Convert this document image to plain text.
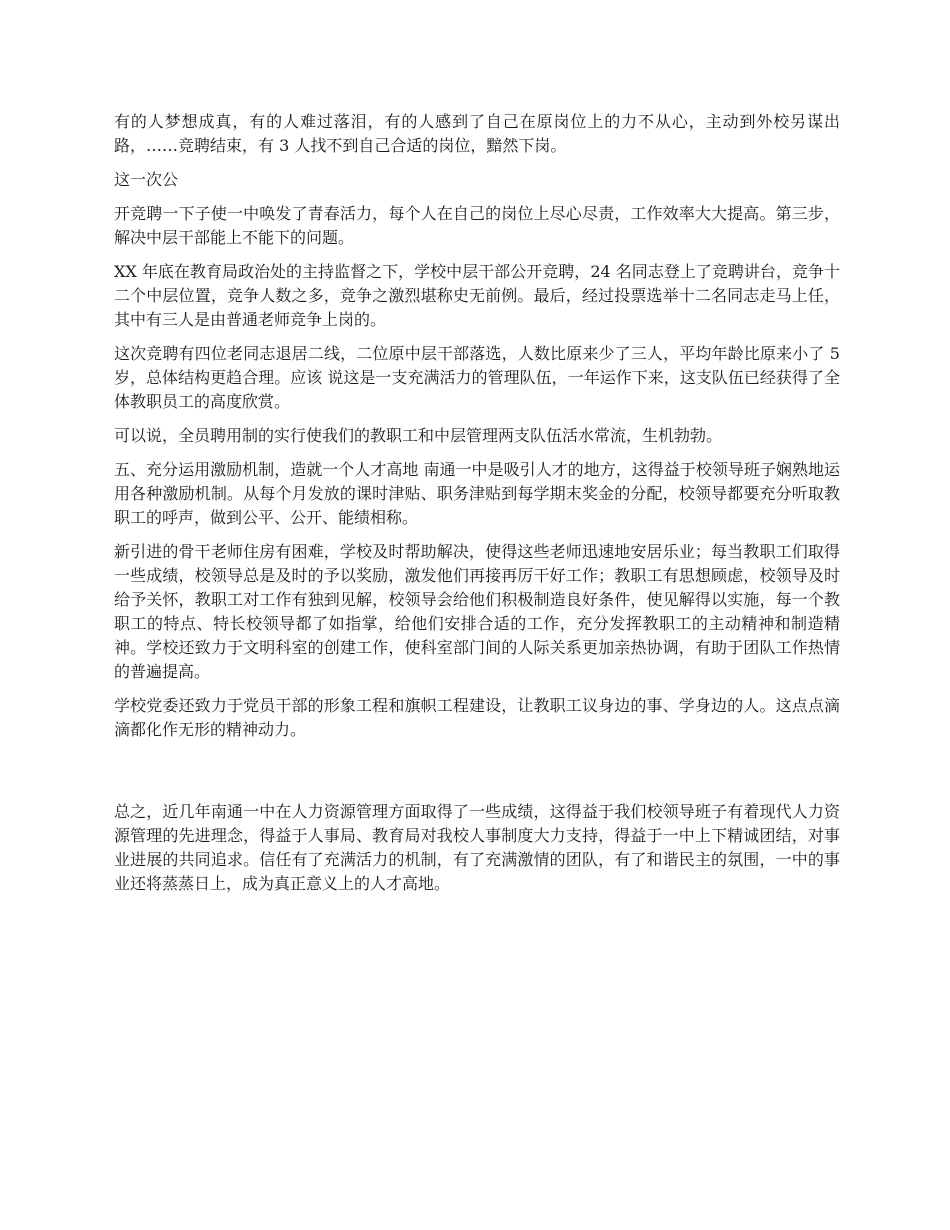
有的人梦想成真，有的人难过落泪，有的人感到了自己在原岗位上的力不从心，主动到外校另谋出路，……竞聘结束，有 3 人找不到自己合适的岗位，黯然下岗。

这一次公

开竞聘一下子使一中唤发了青春活力，每个人在自己的岗位上尽心尽责，工作效率大大提高。第三步，解决中层干部能上不能下的问题。

XX 年底在教育局政治处的主持监督之下，学校中层干部公开竞聘，24 名同志登上了竞聘讲台，竞争十二个中层位置，竞争人数之多，竞争之激烈堪称史无前例。最后，经过投票选举十二名同志走马上任，其中有三人是由普通老师竞争上岗的。

这次竞聘有四位老同志退居二线，二位原中层干部落选，人数比原来少了三人，平均年龄比原来小了 5 岁，总体结构更趋合理。应该 说这是一支充满活力的管理队伍，一年运作下来，这支队伍已经获得了全体教职员工的高度欣赏。

可以说，全员聘用制的实行使我们的教职工和中层管理两支队伍活水常流，生机勃勃。

五、充分运用激励机制，造就一个人才高地 南通一中是吸引人才的地方，这得益于校领导班子娴熟地运用各种激励机制。从每个月发放的课时津贴、职务津贴到每学期末奖金的分配，校领导都要充分听取教职工的呼声，做到公平、公开、能绩相称。

新引进的骨干老师住房有困难，学校及时帮助解决，使得这些老师迅速地安居乐业；每当教职工们取得一些成绩，校领导总是及时的予以奖励，激发他们再接再厉干好工作；教职工有思想顾虑，校领导及时给予关怀，教职工对工作有独到见解，校领导会给他们积极制造良好条件，使见解得以实施，每一个教职工的特点、特长校领导都了如指掌，给他们安排合适的工作，充分发挥教职工的主动精神和制造精神。学校还致力于文明科室的创建工作，使科室部门间的人际关系更加亲热协调，有助于团队工作热情的普遍提高。

学校党委还致力于党员干部的形象工程和旗帜工程建设，让教职工议身边的事、学身边的人。这点点滴滴都化作无形的精神动力。

总之，近几年南通一中在人力资源管理方面取得了一些成绩，这得益于我们校领导班子有着现代人力资源管理的先进理念，得益于人事局、教育局对我校人事制度大力支持，得益于一中上下精诚团结，对事业进展的共同追求。信任有了充满活力的机制，有了充满激情的团队，有了和谐民主的氛围，一中的事业还将蒸蒸日上，成为真正意义上的人才高地。
